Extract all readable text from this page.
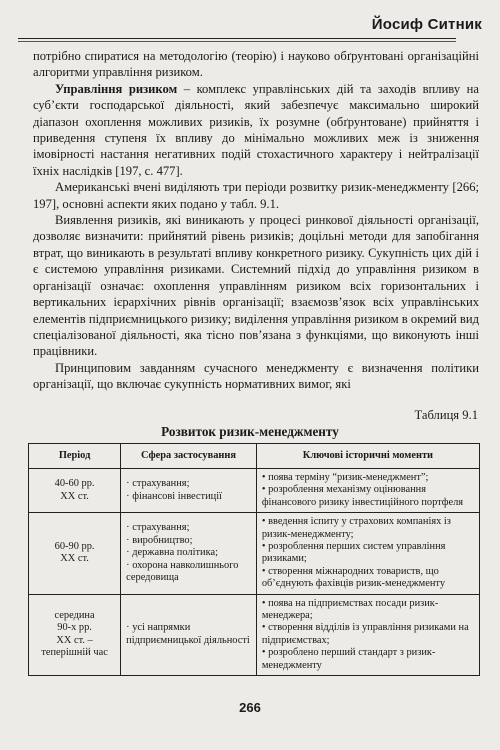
Йосиф Ситник

потрібно спиратися на методологію (теорію) і науково обґрунтовані організаційні алгоритми управління ризиком.

Управління ризиком – комплекс управлінських дій та заходів впливу на суб’єкти господарської діяльності, який забезпечує максимально широкий діапазон охоплення можливих ризиків, їх розумне (обґрунтоване) прийняття і приведення ступеня їх впливу до мінімально можливих меж із зниження імовірності настання негативних подій стохастичного характеру і нейтралізації їхніх наслідків [197, с. 477].

Американські вчені виділяють три періоди розвитку ризик-менеджменту [266; 197], основні аспекти яких подано у табл. 9.1.

Виявлення ризиків, які виникають у процесі ринкової діяльності організації, дозволяє визначити: прийнятий рівень ризиків; доцільні методи для запобігання втрат, що виникають в результаті впливу конкретного ризику. Сукупність цих дій і є системою управління ризиками. Системний підхід до управління ризиком в організації означає: охоплення управлінням ризиком всіх горизонтальних і вертикальних ієрархічних рівнів організації; взаємозв’язок всіх управлінських елементів підприємницького ризику; виділення управління ризиком в окремий вид спеціалізованої діяльності, яка тісно пов’язана з функціями, що виконують інші працівники.

Принциповим завданням сучасного менеджменту є визначення політики організації, що включає сукупність нормативних вимог, які

Таблиця 9.1
Розвиток ризик-менеджменту
Період	Сфера застосування	Ключові історичні моменти

40-60 рр.
XX ст.	· страхування;
· фінансові інвестиції	• поява терміну “ризик-менеджмент”;
• розроблення механізму оцінювання фінансового ризику інвестиційного портфеля

60-90 рр.
XX ст.	· страхування;
· виробництво;
· державна політика;
· охорона навколишнього середовища	• введення іспиту у страхових компаніях із ризик-менеджменту;
• розроблення перших систем управління ризиками;
• створення міжнародних товариств, що об’єднують фахівців ризик-менеджменту

середина
90-х рр.
XX ст. –
теперішній час	· усі напрямки підприємницької діяльності	• поява на підприємствах посади ризик-менеджера;
• створення відділів із управління ризиками на підприємствах;
• розроблено перший стандарт з ризик-менеджменту
266
